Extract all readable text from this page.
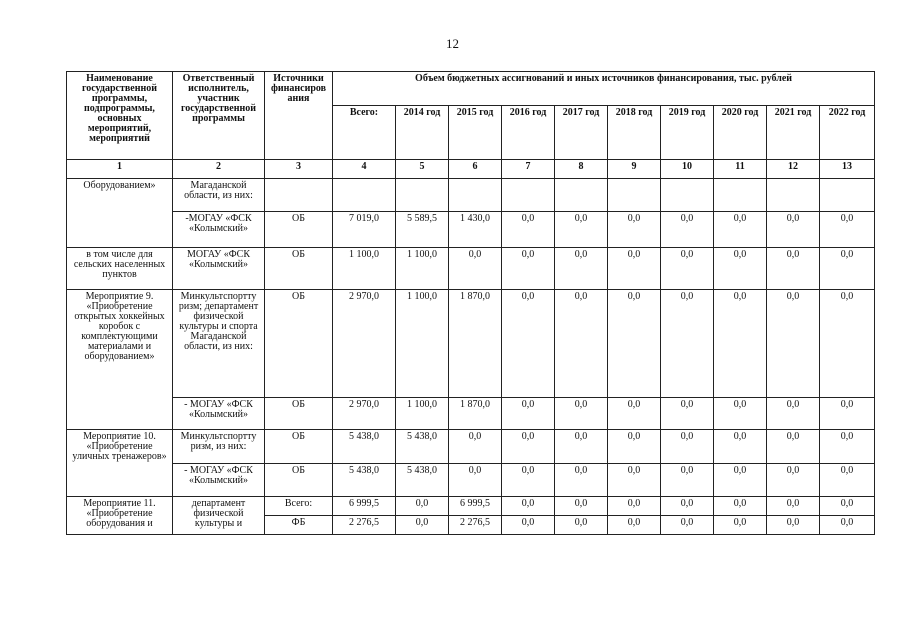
12
Наименование государственной программы, подпрограммы, основных мероприятий, мероприятий	Ответственный исполнитель, участник государственной программы	Источники финансиров ания	Объем бюджетных ассигнований и иных источников финансирования, тыс. рублей									
			Всего:	2014 год	2015 год	2016 год	2017 год	2018 год	2019 год	2020 год	2021 год	2022 год
1	2	3	4	5	6	7	8	9	10	11	12	13
Оборудованием»	Магаданской области, из них:											
	-МОГАУ «ФСК «Колымский»	ОБ	7 019,0	5 589,5	1 430,0	0,0	0,0	0,0	0,0	0,0	0,0	0,0
в том числе для сельских населенных пунктов	МОГАУ «ФСК «Колымский»	ОБ	1 100,0	1 100,0	0,0	0,0	0,0	0,0	0,0	0,0	0,0	0,0
Мероприятие 9. «Приобретение открытых хоккейных коробок с комплектующими материалами и оборудованием»	Минкультспортту ризм; департамент физической культуры и спорта Магаданской области, из них:	ОБ	2 970,0	1 100,0	1 870,0	0,0	0,0	0,0	0,0	0,0	0,0	0,0
	- МОГАУ «ФСК «Колымский»	ОБ	2 970,0	1 100,0	1 870,0	0,0	0,0	0,0	0,0	0,0	0,0	0,0
Мероприятие 10. «Приобретение уличных тренажеров»	Минкультспортту ризм, из них:	ОБ	5 438,0	5 438,0	0,0	0,0	0,0	0,0	0,0	0,0	0,0	0,0
	- МОГАУ «ФСК «Колымский»	ОБ	5 438,0	5 438,0	0,0	0,0	0,0	0,0	0,0	0,0	0,0	0,0
Мероприятие 11. «Приобретение оборудования и	департамент физической культуры и	Всего:	6 999,5	0,0	6 999,5	0,0	0,0	0,0	0,0	0,0	0,0	0,0
		ФБ	2 276,5	0,0	2 276,5	0,0	0,0	0,0	0,0	0,0	0,0	0,0
